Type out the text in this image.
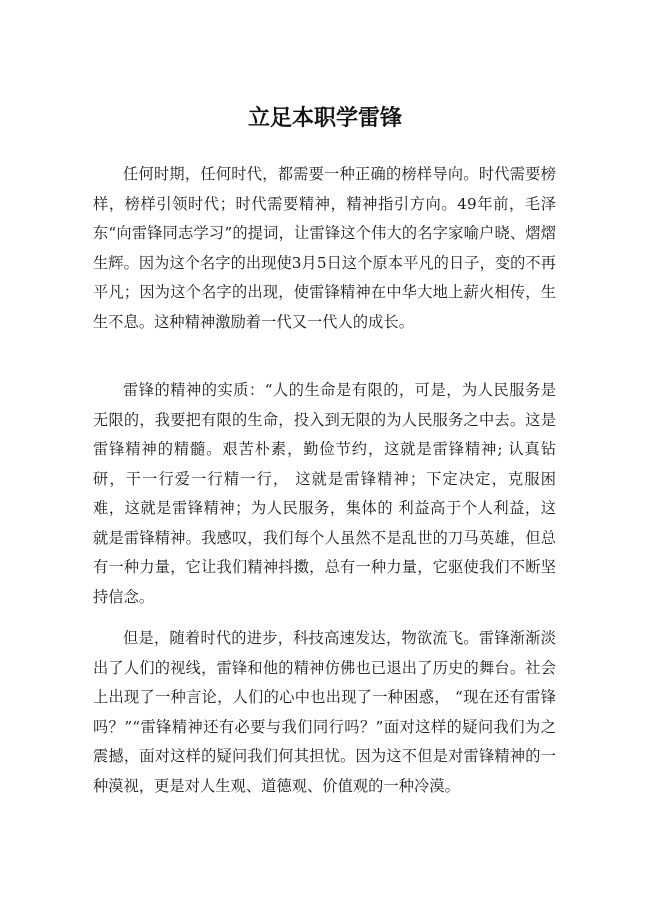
立足本职学雷锋

任何时期，任何时代，都需要一种正确的榜样导向。时代需要榜样，榜样引领时代；时代需要精神，精神指引方向。49年前，毛泽东“向雷锋同志学习”的提词，让雷锋这个伟大的名字家喻户晓、熠熠生辉。因为这个名字的出现使3月5日这个原本平凡的日子，变的不再平凡；因为这个名字的出现，使雷锋精神在中华大地上薪火相传，生生不息。这种精神激励着一代又一代人的成长。

雷锋的精神的实质：“人的生命是有限的，可是，为人民服务是无限的，我要把有限的生命，投入到无限的为人民服务之中去。这是雷锋精神的精髓。艰苦朴素，勤俭节约，这就是雷锋精神; 认真钻研，干一行爱一行精一行， 这就是雷锋精神；下定决定，克服困难，这就是雷锋精神；为人民服务，集体的 利益高于个人利益，这就是雷锋精神。我感叹，我们每个人虽然不是乱世的刀马英雄，但总有一种力量，它让我们精神抖擞，总有一种力量，它驱使我们不断坚持信念。

但是，随着时代的进步，科技高速发达，物欲流飞。雷锋渐渐淡出了人们的视线，雷锋和他的精神仿佛也已退出了历史的舞台。社会上出现了一种言论，人们的心中也出现了一种困惑， “现在还有雷锋吗？”“雷锋精神还有必要与我们同行吗？”面对这样的疑问我们为之震撼，面对这样的疑问我们何其担忧。因为这不但是对雷锋精神的一种漠视，更是对人生观、道德观、价值观的一种冷漠。
